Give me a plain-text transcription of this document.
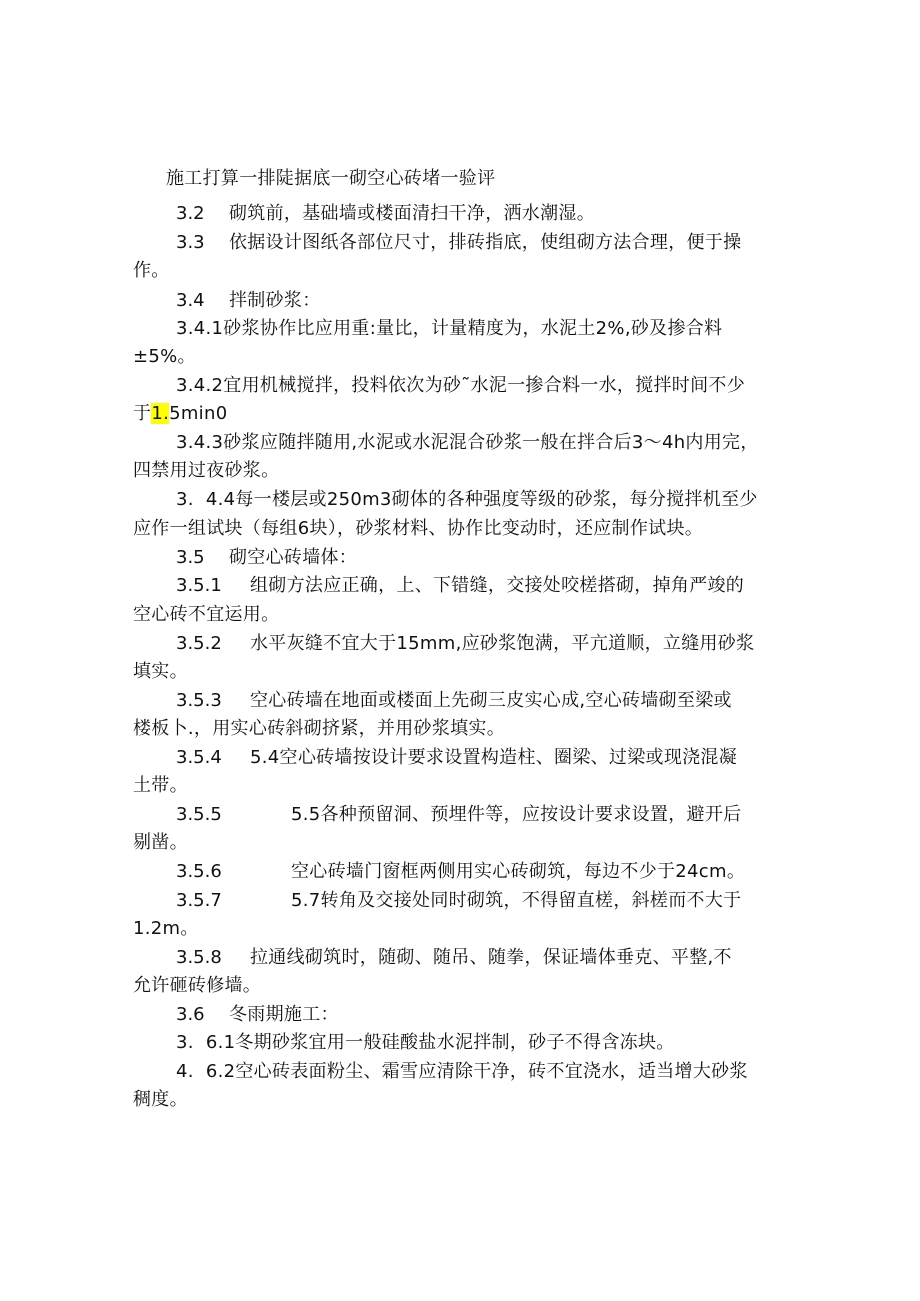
施工打算一排陡据底一砌空心砖堵一验评
3.2 砌筑前，基础墙或楼面清扫干净，洒水潮湿。
3.3 依据设计图纸各部位尺寸，排砖指底，使组砌方法合理，便于操
作。
3.4 拌制砂浆：
3.4.1砂浆协作比应用重:量比，计量精度为，水泥土2%,砂及掺合料
±5%。
3.4.2宜用机械搅拌，投料依次为砂˜水泥一掺合料一水，搅拌时间不少
于1.5min0
3.4.3砂浆应随拌随用,水泥或水泥混合砂浆一般在拌合后3～4h内用完，
四禁用过夜砂浆。
3.  4.4每一楼层或250m3砌体的各种强度等级的砂浆，每分搅拌机至少
应作一组试块（每组6块），砂浆材料、协作比变动时，还应制作试块。
3.5 砌空心砖墙体：
3.5.1 组砌方法应正确，上、下错缝，交接处咬槎搭砌，掉角严竣的
空心砖不宜运用。
3.5.2 水平灰缝不宜大于15mm,应砂浆饱满，平亢道顺，立缝用砂浆
填实。
3.5.3 空心砖墙在地面或楼面上先砌三皮实心成,空心砖墙砌至梁或
楼板卜.，用实心砖斜砌挤紧，并用砂浆填实。
3.5.4 5.4空心砖墙按设计要求设置构造柱、圈梁、过梁或现浇混凝
土带。
3.5.5	5.5各种预留洞、预埋件等，应按设计要求设置，避开后
剔凿。
3.5.6	空心砖墙门窗框两侧用实心砖砌筑，每边不少于24cm。
3.5.7	5.7转角及交接处同时砌筑，不得留直槎，斜槎而不大于
1.2m。
3.5.8 拉通线砌筑时，随砌、随吊、随拳，保证墙体垂克、平整,不
允许砸砖修墙。
3.6 冬雨期施工：
3.  6.1冬期砂浆宜用一般硅酸盐水泥拌制，砂子不得含冻块。
4.  6.2空心砖表面粉尘、霜雪应清除干净，砖不宜浇水，适当增大砂浆
稠度。
